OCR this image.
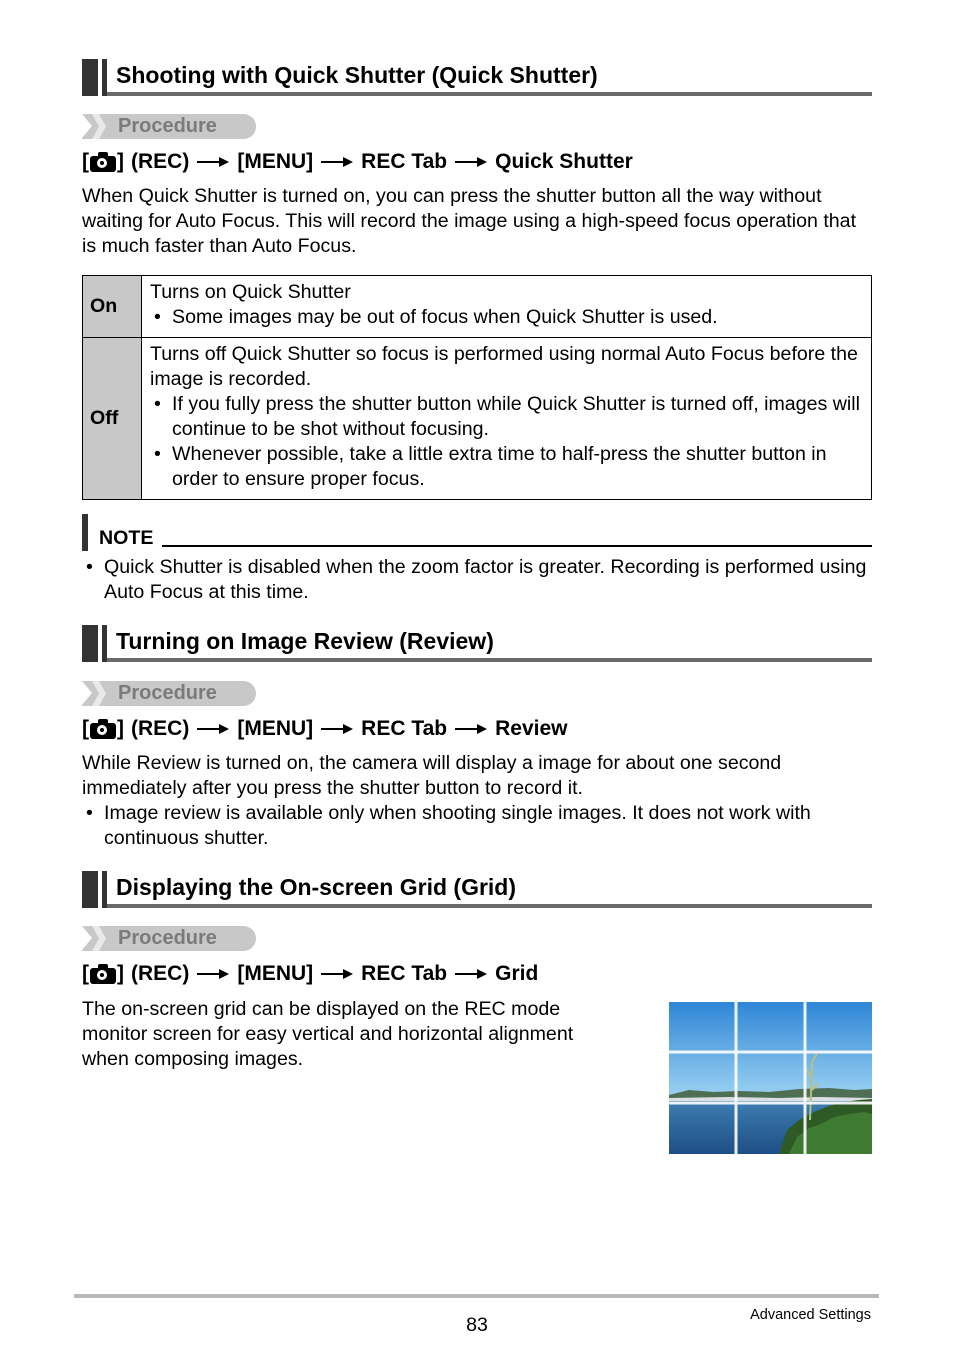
Shooting with Quick Shutter (Quick Shutter)
Procedure
[ ] (REC) [MENU] REC Tab Quick Shutter
When Quick Shutter is turned on, you can press the shutter button all the way without waiting for Auto Focus. This will record the image using a high-speed focus operation that is much faster than Auto Focus.
On
Turns on Quick Shutter
• Some images may be out of focus when Quick Shutter is used.
Off
Turns off Quick Shutter so focus is performed using normal Auto Focus before the image is recorded.
• If you fully press the shutter button while Quick Shutter is turned off, images will continue to be shot without focusing.
• Whenever possible, take a little extra time to half-press the shutter button in order to ensure proper focus.
NOTE
• Quick Shutter is disabled when the zoom factor is greater. Recording is performed using Auto Focus at this time.
Turning on Image Review (Review)
Procedure
[ ] (REC) [MENU] REC Tab Review
While Review is turned on, the camera will display a image for about one second immediately after you press the shutter button to record it.
• Image review is available only when shooting single images. It does not work with continuous shutter.
Displaying the On-screen Grid (Grid)
Procedure
[ ] (REC) [MENU] REC Tab Grid
The on-screen grid can be displayed on the REC mode monitor screen for easy vertical and horizontal alignment when composing images.
83	Advanced Settings
